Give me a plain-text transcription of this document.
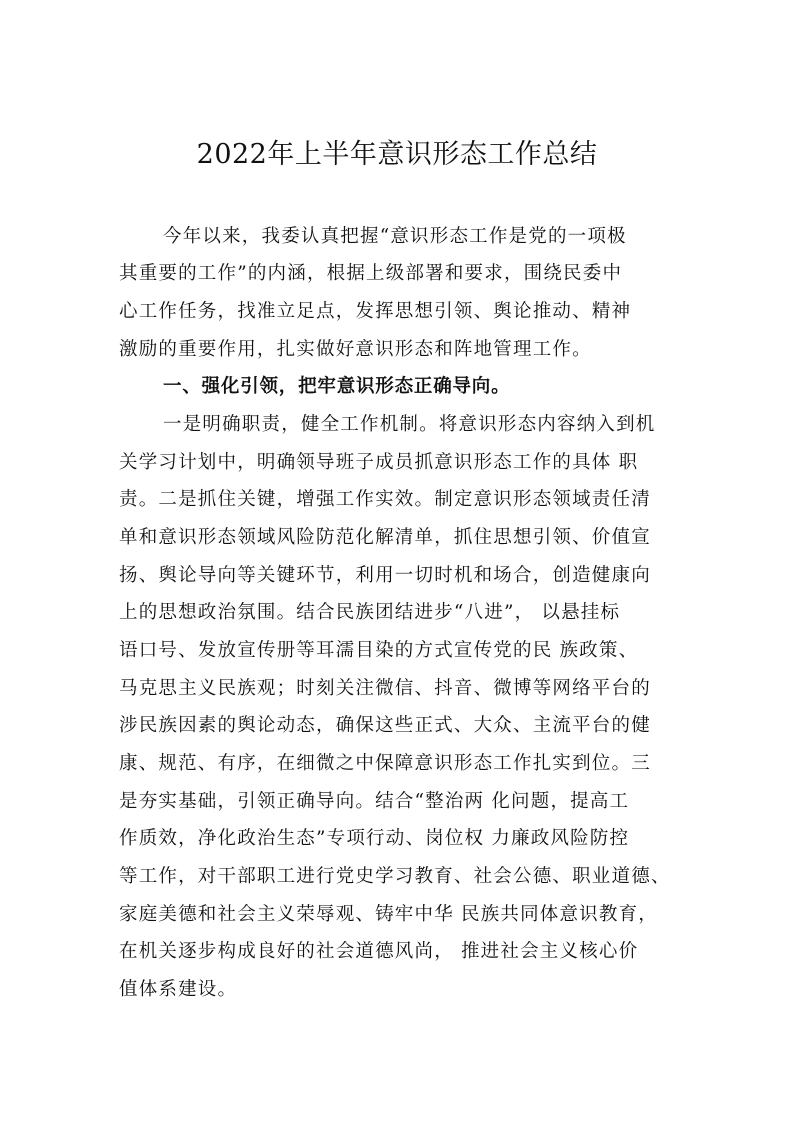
2022年上半年意识形态工作总结
今年以来，我委认真把握“意识形态工作是党的一项极
其重要的工作”的内涵，根据上级部署和要求，围绕民委中
心工作任务，找准立足点，发挥思想引领、舆论推动、精神
激励的重要作用，扎实做好意识形态和阵地管理工作。
一、强化引领，把牢意识形态正确导向。
一是明确职责，健全工作机制。将意识形态内容纳入到机
关学习计划中，明确领导班子成员抓意识形态工作的具体 职
责。二是抓住关键，增强工作实效。制定意识形态领域责任清
单和意识形态领域风险防范化解清单，抓住思想引领、价值宣
扬、舆论导向等关键环节，利用一切时机和场合，创造健康向
上的思想政治氛围。结合民族团结进步“八进”， 以悬挂标
语口号、发放宣传册等耳濡目染的方式宣传党的民 族政策、
马克思主义民族观；时刻关注微信、抖音、微博等网络平台的
涉民族因素的舆论动态，确保这些正式、大众、主流平台的健
康、规范、有序，在细微之中保障意识形态工作扎实到位。三
是夯实基础，引领正确导向。结合“整治两 化问题，提高工
作质效，净化政治生态”专项行动、岗位权 力廉政风险防控
等工作，对干部职工进行党史学习教育、社会公德、职业道德、
家庭美德和社会主义荣辱观、铸牢中华 民族共同体意识教育，
在机关逐步构成良好的社会道德风尚， 推进社会主义核心价
值体系建设。
